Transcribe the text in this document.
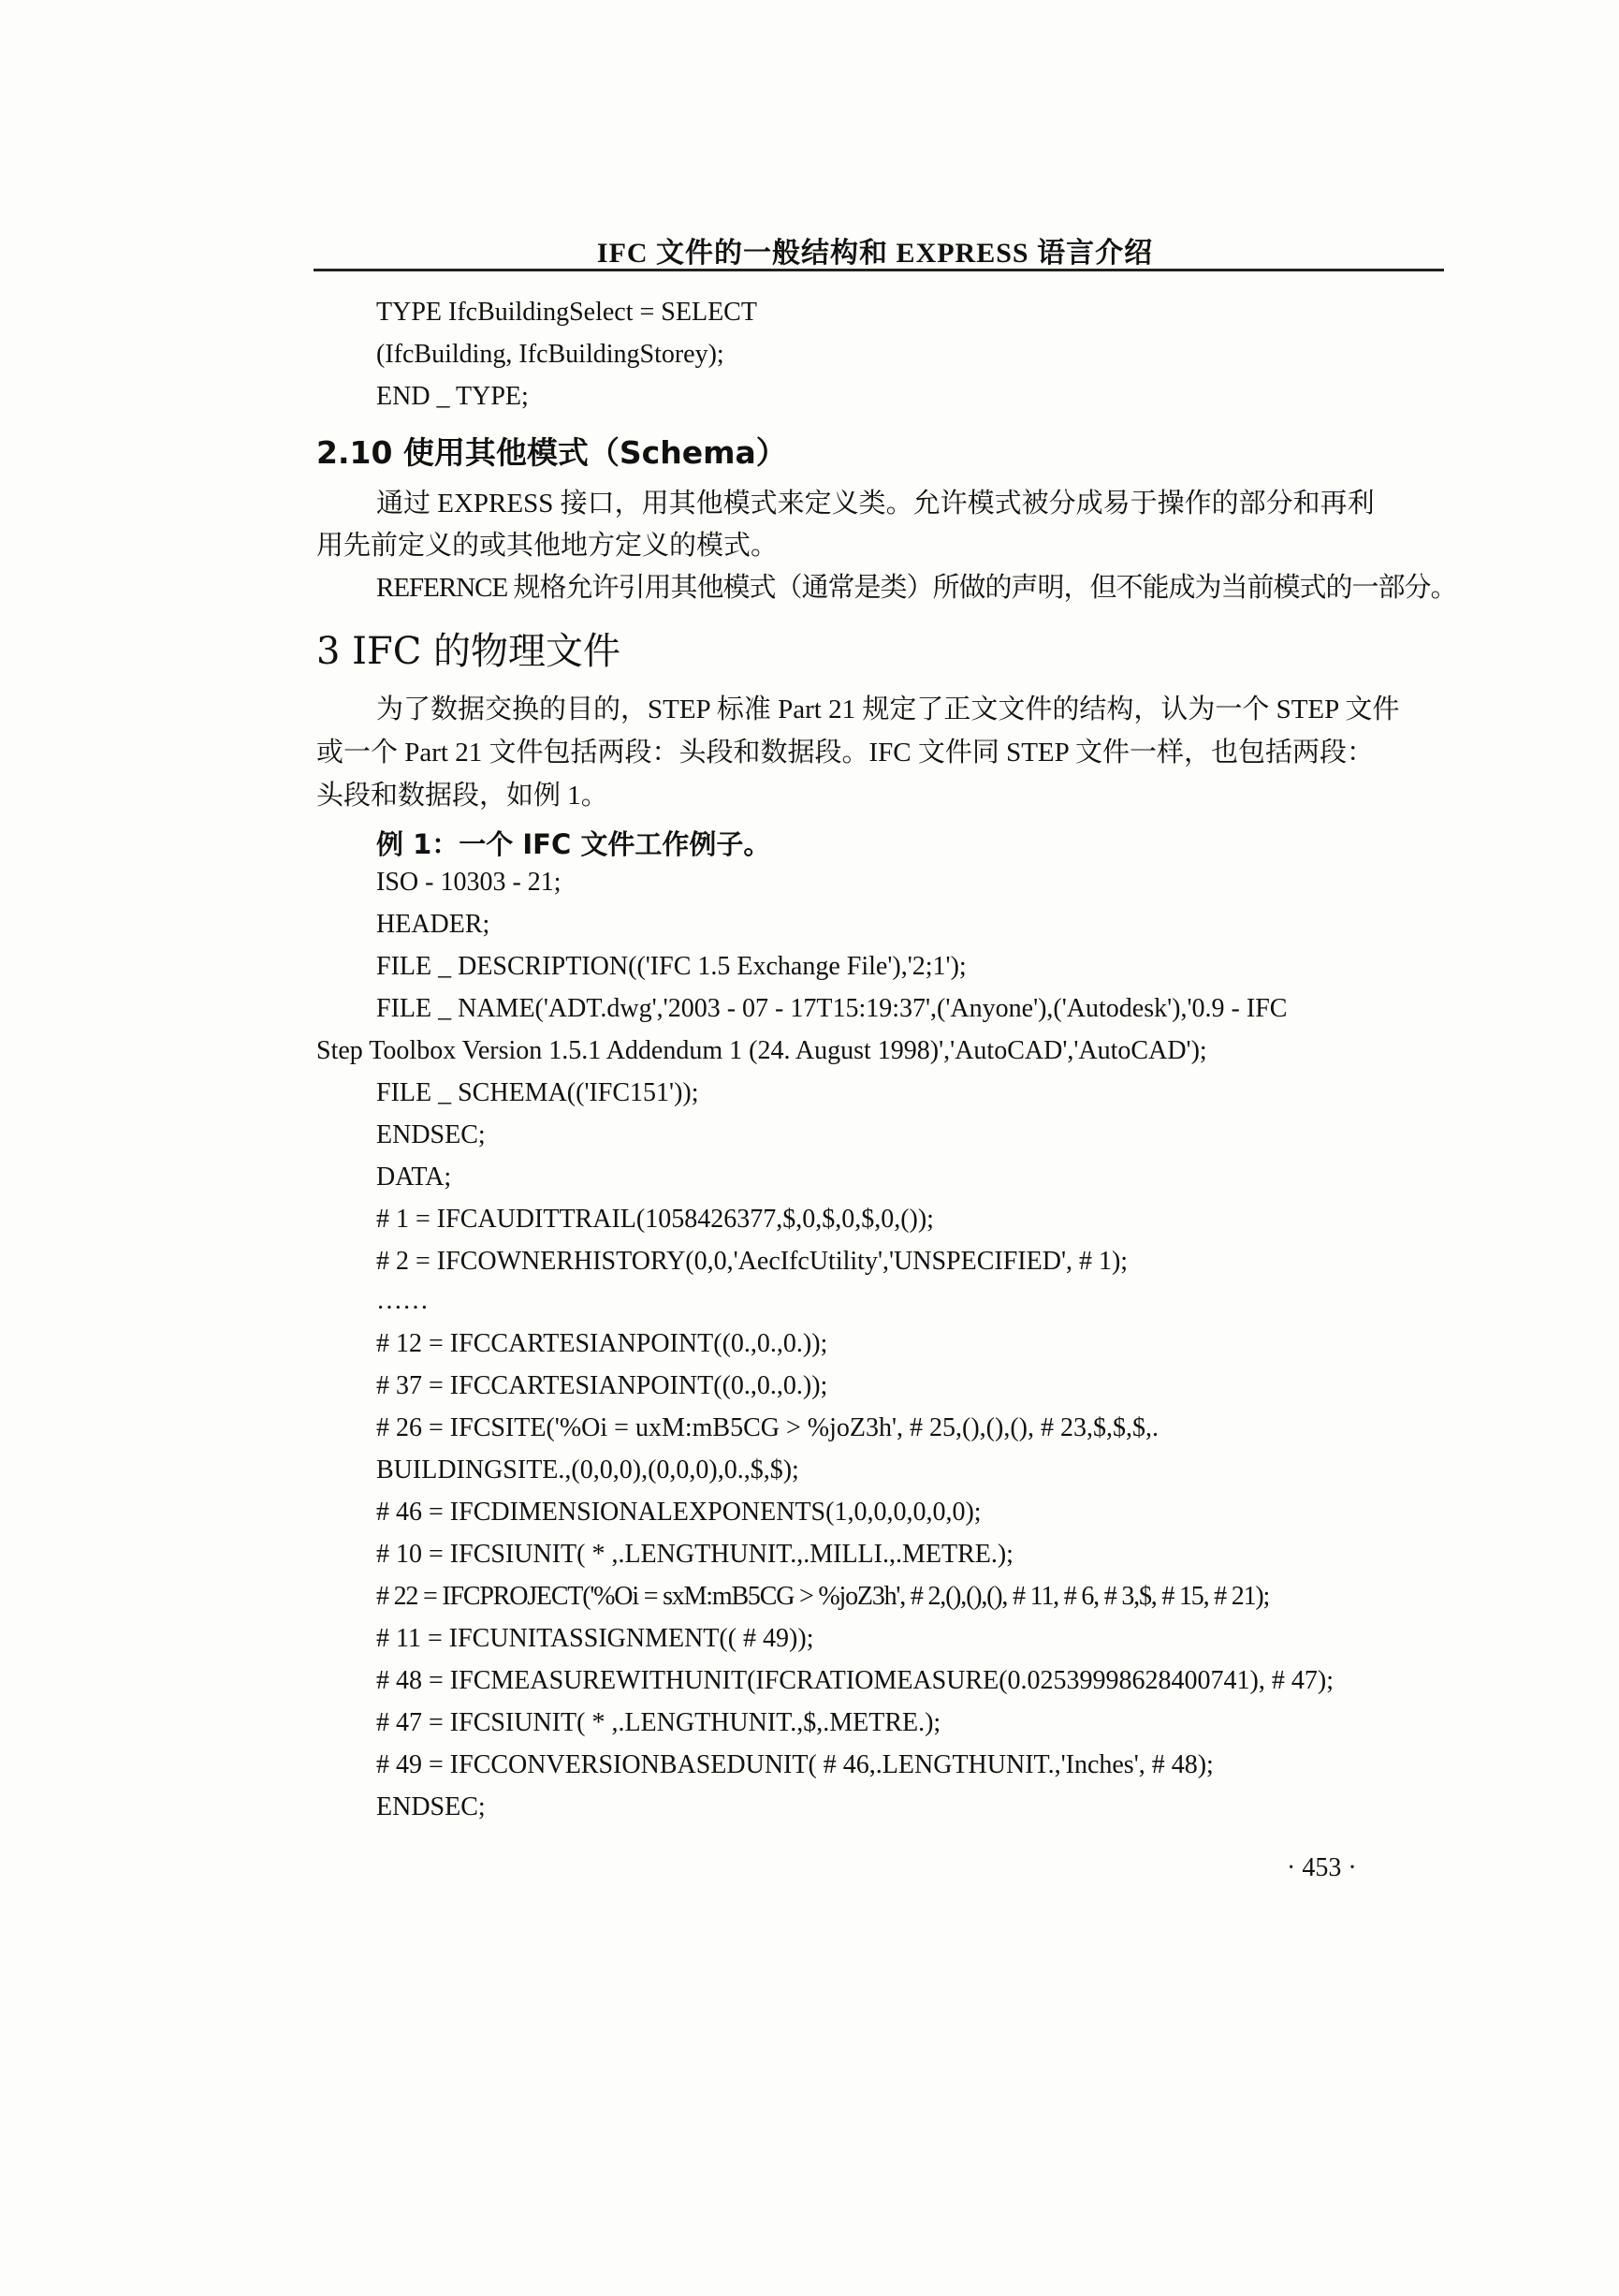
IFC 文件的一般结构和 EXPRESS 语言介绍
TYPE IfcBuildingSelect = SELECT
(IfcBuilding, IfcBuildingStorey);
END _ TYPE;
2.10 使用其他模式（Schema）
通过 EXPRESS 接口，用其他模式来定义类。允许模式被分成易于操作的部分和再利
用先前定义的或其他地方定义的模式。
REFERNCE 规格允许引用其他模式（通常是类）所做的声明，但不能成为当前模式的一部分。
3 IFC 的物理文件
为了数据交换的目的，STEP 标准 Part 21 规定了正文文件的结构，认为一个 STEP 文件
或一个 Part 21 文件包括两段：头段和数据段。IFC 文件同 STEP 文件一样，也包括两段：
头段和数据段，如例 1。
例 1：一个 IFC 文件工作例子。
ISO - 10303 - 21;
HEADER;
FILE _ DESCRIPTION(('IFC 1.5 Exchange File'),'2;1');
FILE _ NAME('ADT.dwg','2003 - 07 - 17T15:19:37',('Anyone'),('Autodesk'),'0.9 - IFC
Step Toolbox Version 1.5.1 Addendum 1 (24. August 1998)','AutoCAD','AutoCAD');
FILE _ SCHEMA(('IFC151'));
ENDSEC;
DATA;
# 1 = IFCAUDITTRAIL(1058426377,$,0,$,0,$,0,());
# 2 = IFCOWNERHISTORY(0,0,'AecIfcUtility','UNSPECIFIED', # 1);
……
# 12 = IFCCARTESIANPOINT((0.,0.,0.));
# 37 = IFCCARTESIANPOINT((0.,0.,0.));
# 26 = IFCSITE('%Oi = uxM:mB5CG > %joZ3h', # 25,(),(),(), # 23,$,$,$,.
BUILDINGSITE.,(0,0,0),(0,0,0),0.,$,$);
# 46 = IFCDIMENSIONALEXPONENTS(1,0,0,0,0,0,0);
# 10 = IFCSIUNIT( * ,.LENGTHUNIT.,.MILLI.,.METRE.);
# 22 = IFCPROJECT('%Oi = sxM:mB5CG > %joZ3h', # 2,(),(),(), # 11, # 6, # 3,$, # 15, # 21);
# 11 = IFCUNITASSIGNMENT(( # 49));
# 48 = IFCMEASUREWITHUNIT(IFCRATIOMEASURE(0.02539998628400741), # 47);
# 47 = IFCSIUNIT( * ,.LENGTHUNIT.,$,.METRE.);
# 49 = IFCCONVERSIONBASEDUNIT( # 46,.LENGTHUNIT.,'Inches', # 48);
ENDSEC;
· 453 ·
